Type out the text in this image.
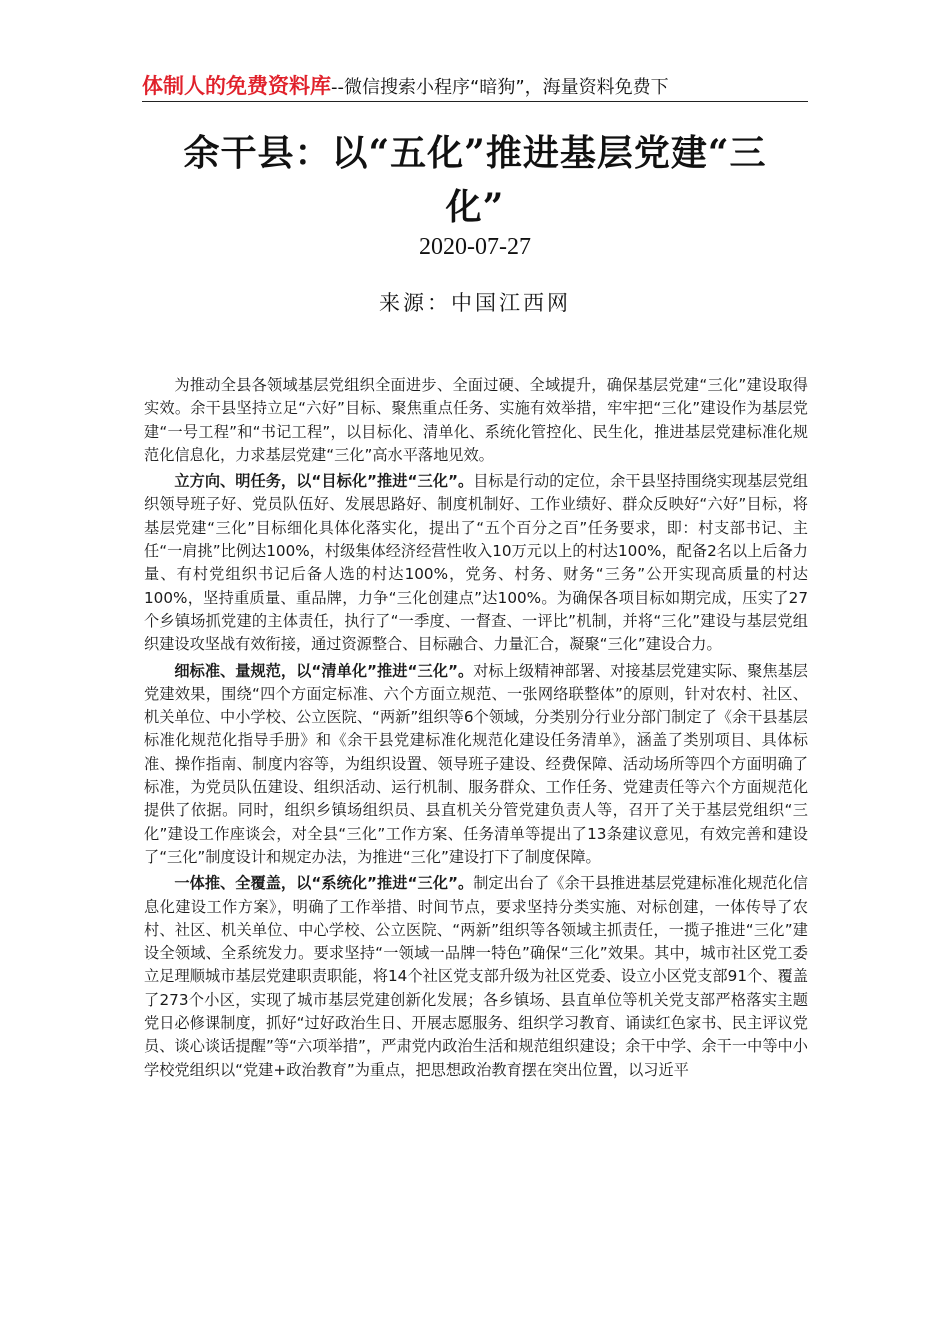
体制人的免费资料库--微信搜索小程序“暗狗”，海量资料免费下
余干县：以“五化”推进基层党建“三化”
2020-07-27
来源：中国江西网

为推动全县各领域基层党组织全面进步、全面过硬、全域提升，确保基层党建“三化”建设取得实效。余干县坚持立足“六好”目标、聚焦重点任务、实施有效举措，牢牢把“三化”建设作为基层党建“一号工程”和“书记工程”，以目标化、清单化、系统化管控化、民生化，推进基层党建标准化规范化信息化，力求基层党建“三化”高水平落地见效。

立方向、明任务，以“目标化”推进“三化”。目标是行动的定位，余干县坚持围绕实现基层党组织领导班子好、党员队伍好、发展思路好、制度机制好、工作业绩好、群众反映好“六好”目标，将基层党建“三化”目标细化具体化落实化，提出了“五个百分之百”任务要求，即：村支部书记、主任“一肩挑”比例达100%，村级集体经济经营性收入10万元以上的村达100%，配备2名以上后备力量、有村党组织书记后备人选的村达100%，党务、村务、财务“三务”公开实现高质量的村达100%，坚持重质量、重品牌，力争“三化创建点”达100%。为确保各项目标如期完成，压实了27个乡镇场抓党建的主体责任，执行了“一季度、一督查、一评比”机制，并将“三化”建设与基层党组织建设攻坚战有效衔接，通过资源整合、目标融合、力量汇合，凝聚“三化”建设合力。

细标准、量规范，以“清单化”推进“三化”。对标上级精神部署、对接基层党建实际、聚焦基层党建效果，围绕“四个方面定标准、六个方面立规范、一张网络联整体”的原则，针对农村、社区、机关单位、中小学校、公立医院、“两新”组织等6个领域，分类别分行业分部门制定了《余干县基层标准化规范化指导手册》和《余干县党建标准化规范化建设任务清单》，涵盖了类别项目、具体标准、操作指南、制度内容等，为组织设置、领导班子建设、经费保障、活动场所等四个方面明确了标准，为党员队伍建设、组织活动、运行机制、服务群众、工作任务、党建责任等六个方面规范化提供了依据。同时，组织乡镇场组织员、县直机关分管党建负责人等，召开了关于基层党组织“三化”建设工作座谈会，对全县“三化”工作方案、任务清单等提出了13条建议意见，有效完善和建设了“三化”制度设计和规定办法，为推进“三化”建设打下了制度保障。

一体推、全覆盖，以“系统化”推进“三化”。制定出台了《余干县推进基层党建标准化规范化信息化建设工作方案》，明确了工作举措、时间节点，要求坚持分类实施、对标创建，一体传导了农村、社区、机关单位、中心学校、公立医院、“两新”组织等各领域主抓责任，一揽子推进“三化”建设全领域、全系统发力。要求坚持“一领域一品牌一特色”确保“三化”效果。其中，城市社区党工委立足理顺城市基层党建职责职能，将14个社区党支部升级为社区党委、设立小区党支部91个、覆盖了273个小区，实现了城市基层党建创新化发展；各乡镇场、县直单位等机关党支部严格落实主题党日必修课制度，抓好“过好政治生日、开展志愿服务、组织学习教育、诵读红色家书、民主评议党员、谈心谈话提醒”等“六项举措”，严肃党内政治生活和规范组织建设；余干中学、余干一中等中小学校党组织以“党建+政治教育”为重点，把思想政治教育摆在突出位置，以习近平
